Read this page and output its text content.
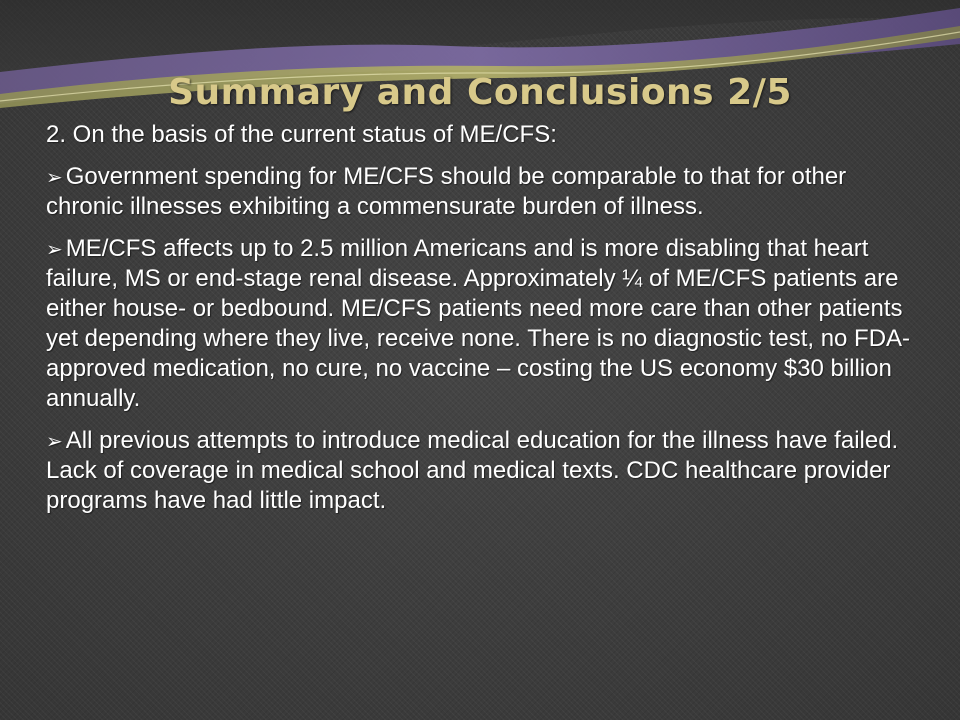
Summary and Conclusions 2/5

2. On the basis of the current status of ME/CFS:

➢ Government spending for ME/CFS should be comparable to that for other chronic illnesses exhibiting a commensurate burden of illness.

➢ ME/CFS affects up to 2.5 million Americans and is more disabling that heart failure, MS or end-stage renal disease. Approximately ¼ of ME/CFS patients are either house- or bedbound. ME/CFS patients need more care than other patients yet depending where they live, receive none. There is no diagnostic test, no FDA-approved medication, no cure, no vaccine – costing the US economy $30 billion annually.

➢ All previous attempts to introduce medical education for the illness have failed. Lack of coverage in medical school and medical texts. CDC healthcare provider programs have had little impact.
